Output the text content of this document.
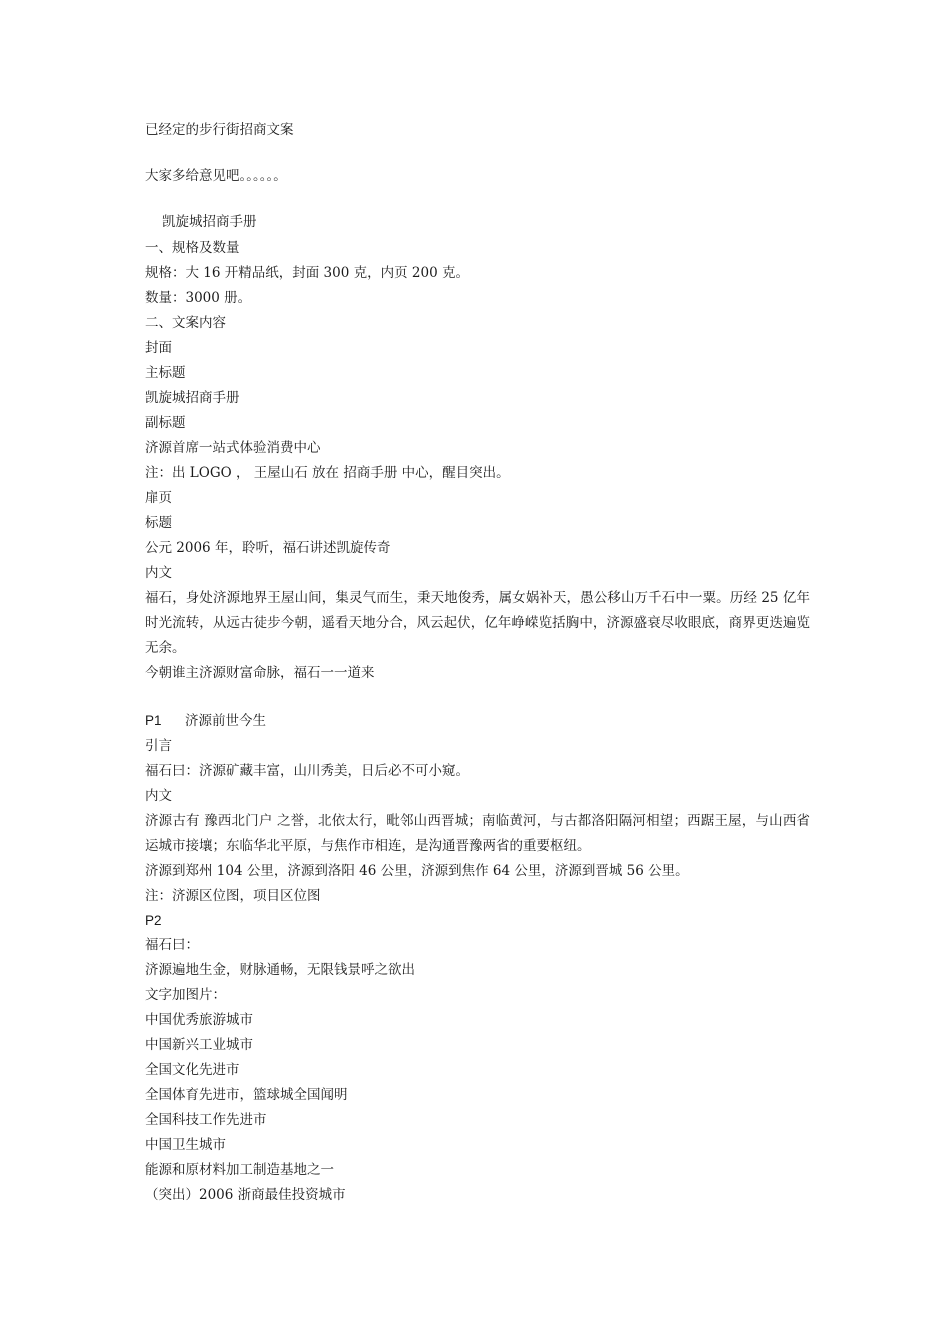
已经定的步行街招商文案
大家多给意见吧。。。。。。
凯旋城招商手册
一、规格及数量
规格：大 16 开精品纸，封面 300 克，内页 200 克。
数量：3000 册。
二、文案内容
封面
主标题
凯旋城招商手册
副标题
济源首席一站式体验消费中心
注：出 LOGO ， 王屋山石 放在 招商手册 中心，醒目突出。
扉页
标题
公元 2006 年，聆听，福石讲述凯旋传奇
内文
福石，身处济源地界王屋山间，集灵气而生，秉天地俊秀，属女娲补天，愚公移山万千石中一粟。历经 25 亿年时光流转，从远古徒步今朝，遥看天地分合，风云起伏，亿年峥嵘览括胸中，济源盛衰尽收眼底，商界更迭遍览无余。
今朝谁主济源财富命脉，福石一一道来
P1 济源前世今生
引言
福石曰：济源矿藏丰富，山川秀美，日后必不可小窥。
内文
济源古有 豫西北门户 之誉，北依太行，毗邻山西晋城；南临黄河，与古都洛阳隔河相望；西踞王屋，与山西省运城市接壤；东临华北平原，与焦作市相连，是沟通晋豫两省的重要枢纽。
济源到郑州 104 公里，济源到洛阳 46 公里，济源到焦作 64 公里，济源到晋城 56 公里。
注：济源区位图，项目区位图
P2
福石曰：
济源遍地生金，财脉通畅，无限钱景呼之欲出
文字加图片：
中国优秀旅游城市
中国新兴工业城市
全国文化先进市
全国体育先进市，篮球城全国闻明
全国科技工作先进市
中国卫生城市
能源和原材料加工制造基地之一
（突出）2006 浙商最佳投资城市
